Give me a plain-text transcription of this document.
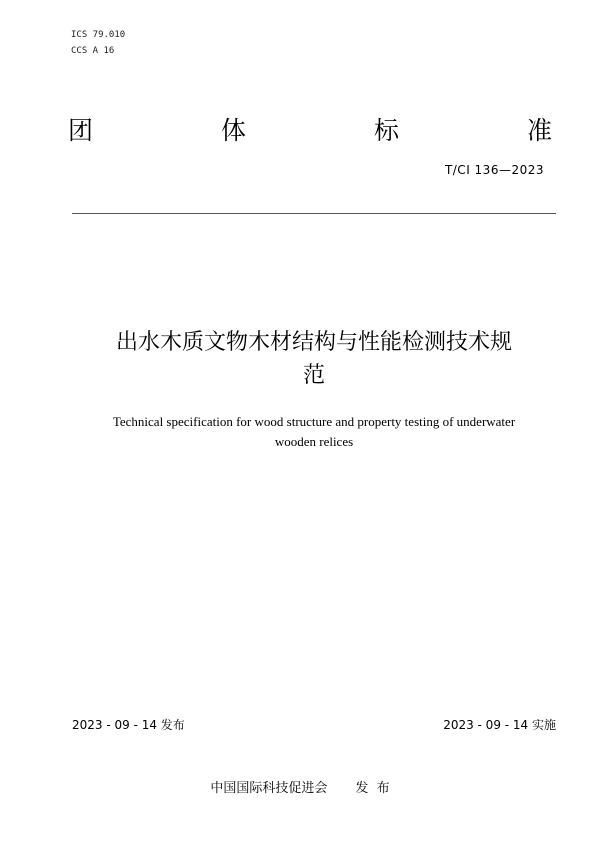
ICS 79.010
CCS A 16
团	体	标	准
T/CI 136—2023
出水木质文物木材结构与性能检测技术规
范
Technical specification for wood structure and property testing of underwater
wooden relices
2023 - 09 - 14 发布	2023 - 09 - 14 实施
中国国际科技促进会 发  布
